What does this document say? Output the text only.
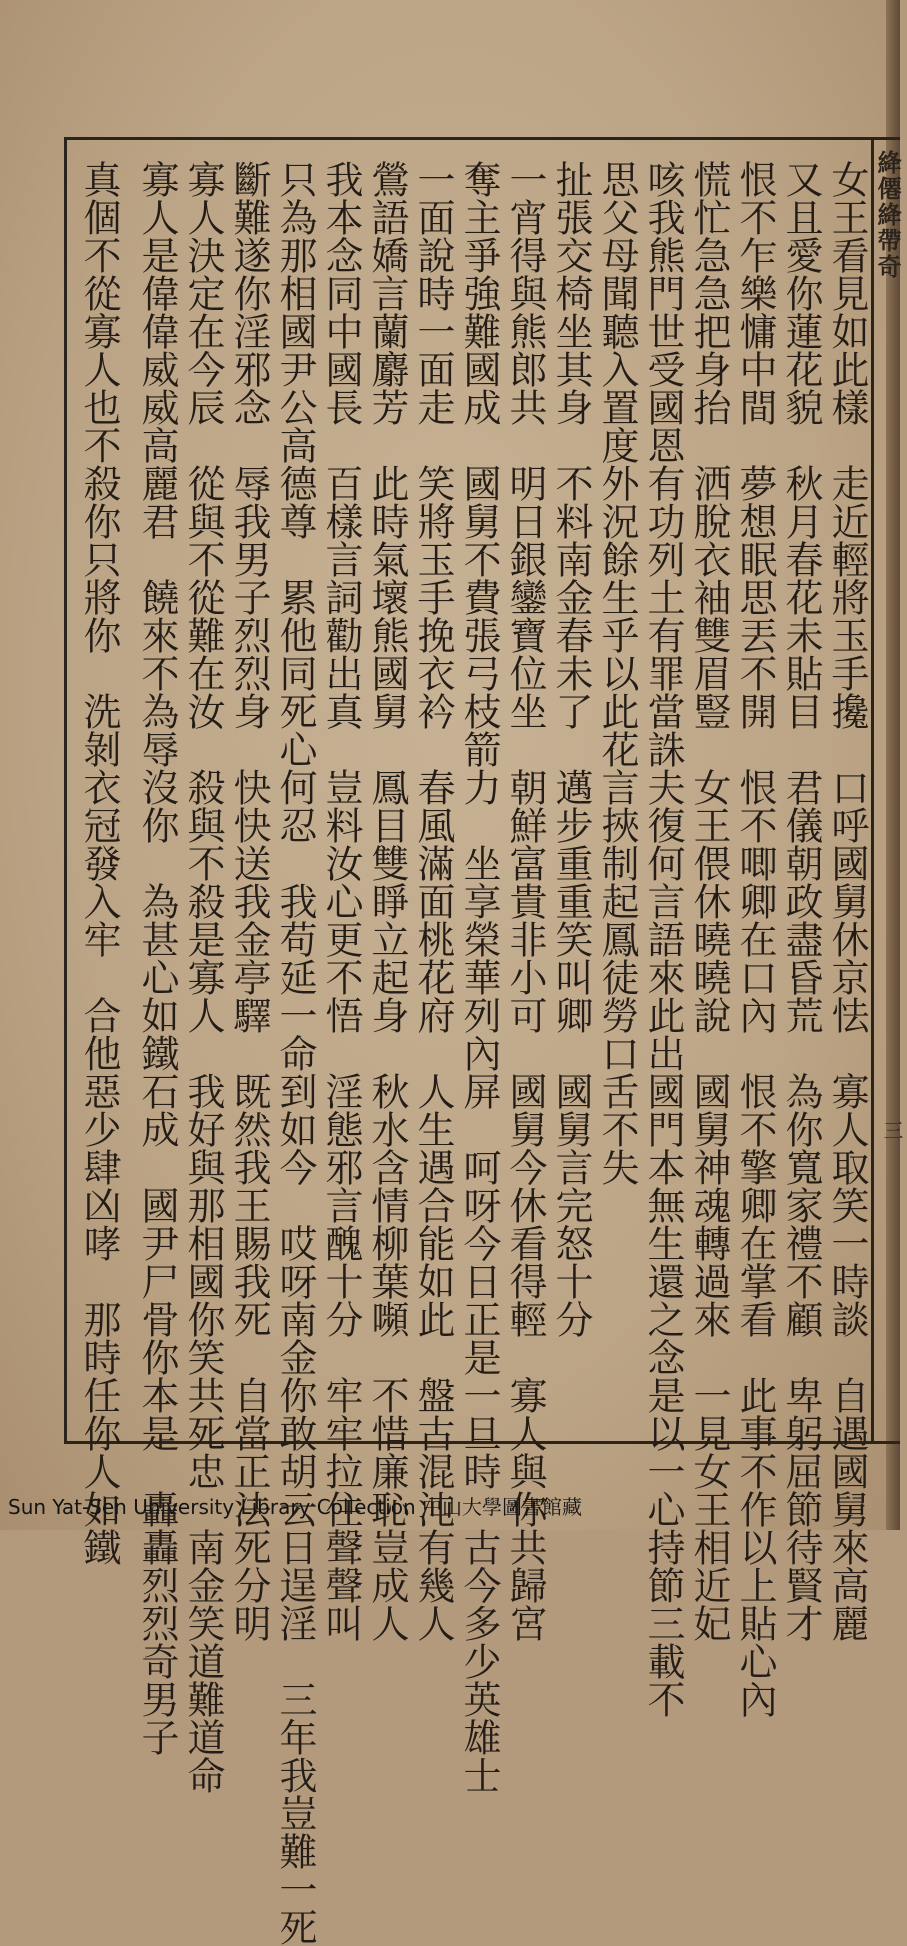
絳僊絳帶奇
三
女王看見如此樣　走近輕將玉手攙　口呼國舅休京怯　寡人取笑一時談　自遇國舅來高麗
又且愛你蓮花貌　秋月春花未貼目　君儀朝政盡昏荒　為你寬家禮不顧　卑躬屈節待賢才
恨不乍樂慵中間　夢想眠思丟不開　恨不唧卿在口內　恨不擎卿在掌看　此事不作以上貼心內
慌忙急急把身抬　洒脫衣袖雙眉豎　女王偎休曉曉說　國舅神魂轉過來　一見女王相近妃
咳我熊門世受國恩有功列土有罪當誅夫復何言語來此出國門本無生還之念是以一心持節三載不
思父母聞聽入置度外況餘生乎以此花言挾制起鳳徒勞口舌不失
扯張交椅坐其身　不料南金春未了　邁步重重笑叫卿　國舅言完怒十分
一宵得與熊郎共　明日銀鑾寶位坐　朝鮮富貴非小可　國舅今休看得輕　寡人與你共歸宮
奪主爭強難國成　國舅不費張弓枝箭力　坐享榮華列內屏　呵呀今日正是一旦時　古今多少英雄士
一面說時一面走　笑將玉手挽衣衿　春風滿面桃花府　人生遇合能如此　盤古混沌有幾人
鶯語嬌言蘭麝芳　此時氣壞熊國舅　鳳目雙睜立起身　秋水含情柳葉嚬　不惜廉恥豈成人
我本念同中國長　百樣言詞勸出真　豈料汝心更不悟　淫態邪言醜十分　牢牢拉住聲聲叫
只為那相國尹公高德尊　累他同死心何忍　我苟延一命到如今　哎呀南金你敢胡云日逞淫　三年我豈難一死
斷難遂你淫邪念　辱我男子烈烈身　快快送我金亭驛　既然我王賜我死　自當正法死分明
寡人決定在今辰　從與不從難在汝　殺與不殺是寡人　我好與那相國你笑共死忠　南金笑道難道命
寡人是偉偉威威高麗君　饒來不為辱沒你　為甚心如鐵石成　國尹尸骨你本是　轟轟烈烈奇男子
真個不從寡人也不殺你只將你　洗剝衣冠發入牢　合他惡少肆凶哮　那時任你人如鐵
Sun Yat-Sen University Library Collection 中山大學圖書館藏
